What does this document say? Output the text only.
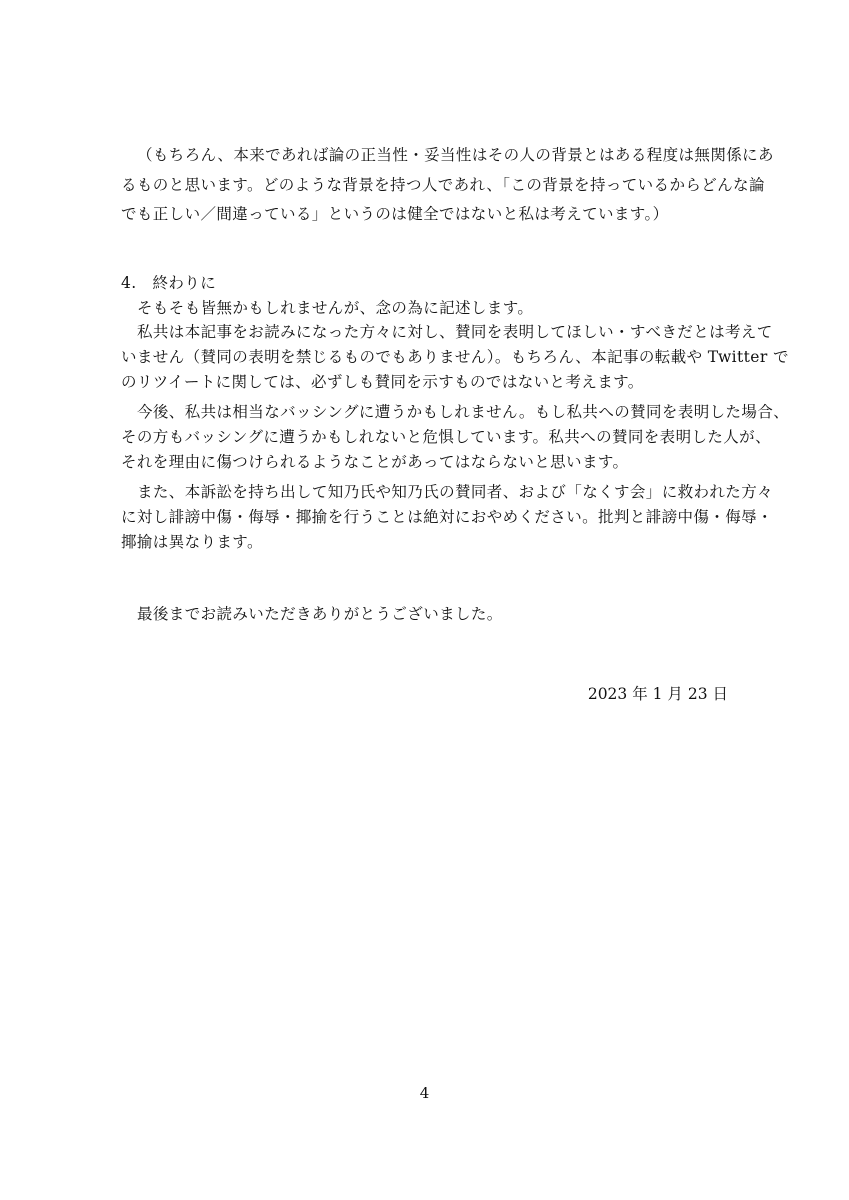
（もちろん、本来であれば論の正当性・妥当性はその人の背景とはある程度は無関係にあ
るものと思います。どのような背景を持つ人であれ、「この背景を持っているからどんな論
でも正しい／間違っている」というのは健全ではないと私は考えています。）
4.　終わりに
そもそも皆無かもしれませんが、念の為に記述します。
私共は本記事をお読みになった方々に対し、賛同を表明してほしい・すべきだとは考えて
いません（賛同の表明を禁じるものでもありません）。もちろん、本記事の転載や Twitter で
のリツイートに関しては、必ずしも賛同を示すものではないと考えます。
今後、私共は相当なバッシングに遭うかもしれません。もし私共への賛同を表明した場合、
その方もバッシングに遭うかもしれないと危惧しています。私共への賛同を表明した人が、
それを理由に傷つけられるようなことがあってはならないと思います。
また、本訴訟を持ち出して知乃氏や知乃氏の賛同者、および「なくす会」に救われた方々
に対し誹謗中傷・侮辱・揶揄を行うことは絶対におやめください。批判と誹謗中傷・侮辱・
揶揄は異なります。
最後までお読みいただきありがとうございました。
2023 年 1 月 23 日
4
